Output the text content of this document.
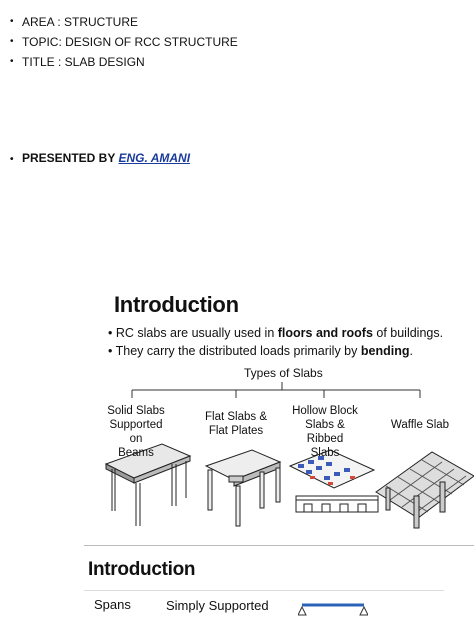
• AREA : STRUCTURE
• TOPIC: DESIGN OF RCC STRUCTURE
• TITLE : SLAB DESIGN
• PRESENTED BY ENG. AMANI
Introduction
• RC slabs are usually used in floors and roofs of buildings.
• They carry the distributed loads primarily by bending.
Types of Slabs
Solid Slabs
Supported on
Beams
Flat Slabs &
Flat Plates
Hollow Block
Slabs & Ribbed
Slabs
Waffle Slab
Introduction
Spans	Simply Supported
